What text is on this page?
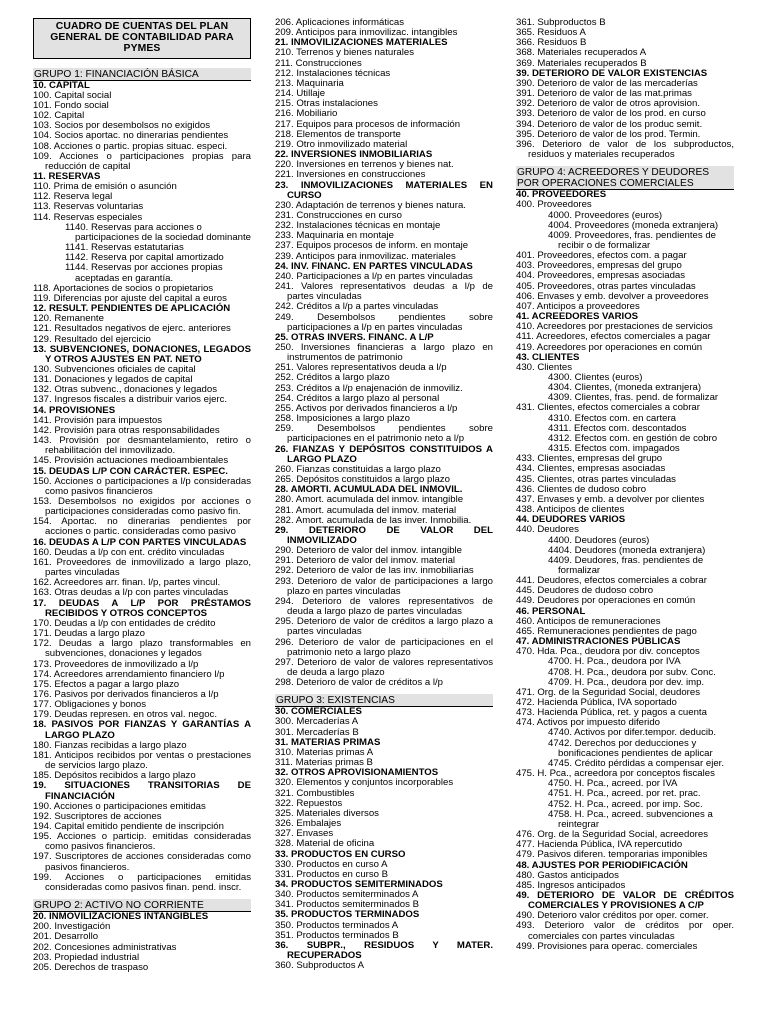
CUADRO DE CUENTAS DEL PLAN GENERAL DE CONTABILIDAD PARA PYMES
GRUPO 1: FINANCIACIÓN BÁSICA
10. CAPITAL
100. Capital social
101. Fondo social
102. Capital
103. Socios por desembolsos no exigidos
104. Socios aportac. no dinerarias pendientes
108. Acciones o partic. propias situac. especi.
109. Acciones o participaciones propias para reducción de capital
11. RESERVAS
110. Prima de emisión o asunción
112. Reserva legal
113. Reservas voluntarias
114. Reservas especiales
1140. Reservas para acciones o participaciones de la sociedad dominante
1141. Reservas estatutarias
1142. Reserva por capital amortizado
1144. Reservas por acciones propias aceptadas en garantía.
118. Aportaciones de socios o propietarios
119. Diferencias por ajuste del capital a euros
12. RESULT. PENDIENTES DE APLICACIÓN
120. Remanente
121. Resultados negativos de ejerc. anteriores
129. Resultado del ejercicio
13. SUBVENCIONES, DONACIONES, LEGADOS Y OTROS AJUSTES EN PAT. NETO
130. Subvenciones oficiales de capital
131. Donaciones y legados de capital
132. Otras subvenc., donaciones y legados
137. Ingresos fiscales a distribuir varios ejerc.
14. PROVISIONES
141. Provisión para impuestos
142. Provisión para otras responsabilidades
143. Provisión por desmantelamiento, retiro o rehabilitación del inmovilizado.
145. Provisión actuaciones medioambientales
15. DEUDAS L/P CON CARÁCTER. ESPEC.
150. Acciones o participaciones a l/p consideradas como pasivos financieros
153. Desembolsos no exigidos por acciones o participaciones consideradas como pasivo fin.
154. Aportac. no dinerarias pendientes por acciones o partic. consideradas como pasivo
16. DEUDAS A L/P CON PARTES VINCULADAS
160. Deudas a l/p con ent. crédito vinculadas
161. Proveedores de inmovilizado a largo plazo, partes vinculadas
162. Acreedores arr. finan. l/p, partes vincul.
163. Otras deudas a l/p con partes vinculadas
17. DEUDAS A L/P POR PRÉSTAMOS RECIBIDOS Y OTROS CONCEPTOS
170. Deudas a l/p con entidades de crédito
171. Deudas a largo plazo
172. Deudas a largo plazo transformables en subvenciones, donaciones y legados
173. Proveedores de inmovilizado a l/p
174. Acreedores arrendamiento financiero l/p
175. Efectos a pagar a largo plazo
176. Pasivos por derivados financieros a l/p
177. Obligaciones y bonos
179. Deudas represen. en otros val. negoc.
18. PASIVOS POR FIANZAS Y GARANTÍAS A LARGO PLAZO
180. Fianzas recibidas a largo plazo
181. Anticipos recibidos por ventas o prestaciones de servicios largo plazo.
185. Depósitos recibidos a largo plazo
19. SITUACIONES TRANSITORIAS DE FINANCIACIÓN
190. Acciones o participaciones emitidas
192. Suscriptores de acciones
194. Capital emitido pendiente de inscripción
195. Acciones o particip. emitidas consideradas como pasivos financieros.
197. Suscriptores de acciones consideradas como pasivos financieros.
199. Acciones o participaciones emitidas consideradas como pasivos finan. pend. inscr.
GRUPO 2: ACTIVO NO CORRIENTE
20. INMOVILIZACIONES INTANGIBLES
200. Investigación
201. Desarrollo
202. Concesiones administrativas
203. Propiedad industrial
205. Derechos de traspaso
206. Aplicaciones informáticas
209. Anticipos para inmovilizac. intangibles
21. INMOVILIZACIONES MATERIALES
210. Terrenos y bienes naturales
211. Construcciones
212. Instalaciones técnicas
213. Maquinaria
214. Utillaje
215. Otras instalaciones
216. Mobiliario
217. Equipos para procesos de información
218. Elementos de transporte
219. Otro inmovilizado material
22. INVERSIONES INMOBILIARIAS
220. Inversiones en terrenos y bienes nat.
221. Inversiones en construcciones
23. INMOVILIZACIONES MATERIALES EN CURSO
230. Adaptación de terrenos y bienes natura.
231. Construcciones en curso
232. Instalaciones técnicas en montaje
233. Maquinaria en montaje
237. Equipos procesos de inform. en montaje
239. Anticipos para inmovilizac. materiales
24. INV. FINANC. EN PARTES VINCULADAS
240. Participaciones a l/p en partes vinculadas
241. Valores representativos deudas a l/p de partes vinculadas
242. Créditos a l/p a partes vinculadas
249. Desembolsos pendientes sobre participaciones a l/p en partes vinculadas
25. OTRAS INVERS. FINANC. A L/P
250. Inversiones financieras a largo plazo en instrumentos de patrimonio
251. Valores representativos deuda a l/p
252. Créditos a largo plazo
253. Créditos a l/p enajenación de inmoviliz.
254. Créditos a largo plazo al personal
255. Activos por derivados financieros a l/p
258. Imposiciones a largo plazo
259. Desembolsos pendientes sobre participaciones en el patrimonio neto a l/p
26. FIANZAS Y DEPÓSITOS CONSTITUIDOS A LARGO PLAZO
260. Fianzas constituidas a largo plazo
265. Depósitos constituidos a largo plazo
28. AMORTI. ACUMULADA DEL INMOVIL.
280. Amort. acumulada del inmov. intangible
281. Amort. acumulada del inmov. material
282. Amort. acumulada de las inver. Inmobilia.
29. DETERIORO DE VALOR DEL INMOVILIZADO
290. Deterioro de valor del inmov. intangible
291. Deterioro de valor del inmov. material
292. Deterioro de valor de las inv. inmobiliarias
293. Deterioro de valor de participaciones a largo plazo en partes vinculadas
294. Deterioro de valores representativos de deuda a largo plazo de partes vinculadas
295. Deterioro de valor de créditos a largo plazo a partes vinculadas
296. Deterioro de valor de participaciones en el patrimonio neto a largo plazo
297. Deterioro de valor de valores representativos de deuda a largo plazo
298. Deterioro de valor de créditos a l/p
GRUPO 3: EXISTENCIAS
30. COMERCIALES
300. Mercaderías A
301. Mercaderías B
31. MATERIAS PRIMAS
310. Materias primas A
311. Materias primas B
32. OTROS APROVISIONAMIENTOS
320. Elementos y conjuntos incorporables
321. Combustibles
322. Repuestos
325. Materiales diversos
326. Embalajes
327. Envases
328. Material de oficina
33. PRODUCTOS EN CURSO
330. Productos en curso A
331. Productos en curso B
34. PRODUCTOS SEMITERMINADOS
340. Productos semiterminados A
341. Productos semiterminados B
35. PRODUCTOS TERMINADOS
350. Productos terminados A
351. Productos terminados B
36. SUBPR., RESIDUOS Y MATER. RECUPERADOS
360. Subproductos A
361. Subproductos B
365. Residuos A
366. Residuos B
368. Materiales recuperados A
369. Materiales recuperados B
39. DETERIORO DE VALOR EXISTENCIAS
390. Deterioro de valor de las mercaderías
391. Deterioro de valor de las mat.primas
392. Deterioro de valor de otros aprovision.
393. Deterioro de valor de los prod. en curso
394. Deterioro de valor de los produc semit.
395. Deterioro de valor de los prod. Termin.
396. Deterioro de valor de los subproductos, residuos y materiales recuperados
GRUPO 4: ACREEDORES Y DEUDORES POR OPERACIONES COMERCIALES
40. PROVEEDORES
400. Proveedores
4000. Proveedores (euros)
4004. Proveedores (moneda extranjera)
4009. Proveedores, fras. pendientes de recibir o de formalizar
401. Proveedores, efectos com. a pagar
403. Proveedores, empresas del grupo
404. Proveedores, empresas asociadas
405. Proveedores, otras partes vinculadas
406. Envases y emb. devolver a proveedores
407. Anticipos a proveedores
41. ACREEDORES VARIOS
410. Acreedores por prestaciones de servicios
411. Acreedores, efectos comerciales a pagar
419. Acreedores por operaciones en común
43. CLIENTES
430. Clientes
4300. Clientes (euros)
4304. Clientes, (moneda extranjera)
4309. Clientes, fras. pend. de formalizar
431. Clientes, efectos comerciales a cobrar
4310. Efectos com. en cartera
4311. Efectos com. descontados
4312. Efectos com. en gestión de cobro
4315. Efectos com. impagados
433. Clientes, empresas del grupo
434. Clientes, empresas asociadas
435. Clientes, otras partes vinculadas
436. Clientes de dudoso cobro
437. Envases y emb. a devolver por clientes
438. Anticipos de clientes
44. DEUDORES VARIOS
440. Deudores
4400. Deudores (euros)
4404. Deudores (moneda extranjera)
4409. Deudores, fras. pendientes de formalizar
441. Deudores, efectos comerciales a cobrar
445. Deudores de dudoso cobro
449. Deudores por operaciones en común
46. PERSONAL
460. Anticipos de remuneraciones
465. Remuneraciones pendientes de pago
47. ADMINISTRACIONES PÚBLICAS
470. Hda. Pca., deudora por div. conceptos
4700. H. Pca., deudora por IVA
4708. H. Pca., deudora por subv. Conc.
4709. H. Pca., deudora por dev. imp.
471. Org. de la Seguridad Social, deudores
472. Hacienda Pública, IVA soportado
473. Hacienda Pública, ret. y pagos a cuenta
474. Activos por impuesto diferido
4740. Activos por difer.tempor. deducib.
4742. Derechos por deducciones y bonificaciones pendientes de aplicar
4745. Crédito pérdidas a compensar ejer.
475. H. Pca., acreedora por conceptos fiscales
4750. H. Pca., acreed. por IVA
4751. H. Pca., acreed. por ret. prac.
4752. H. Pca., acreed. por imp. Soc.
4758. H. Pca., acreed. subvenciones a reintegrar
476. Org. de la Seguridad Social, acreedores
477. Hacienda Pública, IVA repercutido
479. Pasivos diferen. temporarias imponibles
48. AJUSTES POR PERIODIFICACIÓN
480. Gastos anticipados
485. Ingresos anticipados
49. DETERIORO DE VALOR DE CRÉDITOS COMERCIALES Y PROVISIONES A C/P
490. Deterioro valor créditos por oper. comer.
493. Deterioro valor de créditos por oper. comerciales con partes vinculadas
499. Provisiones para operac. comerciales
